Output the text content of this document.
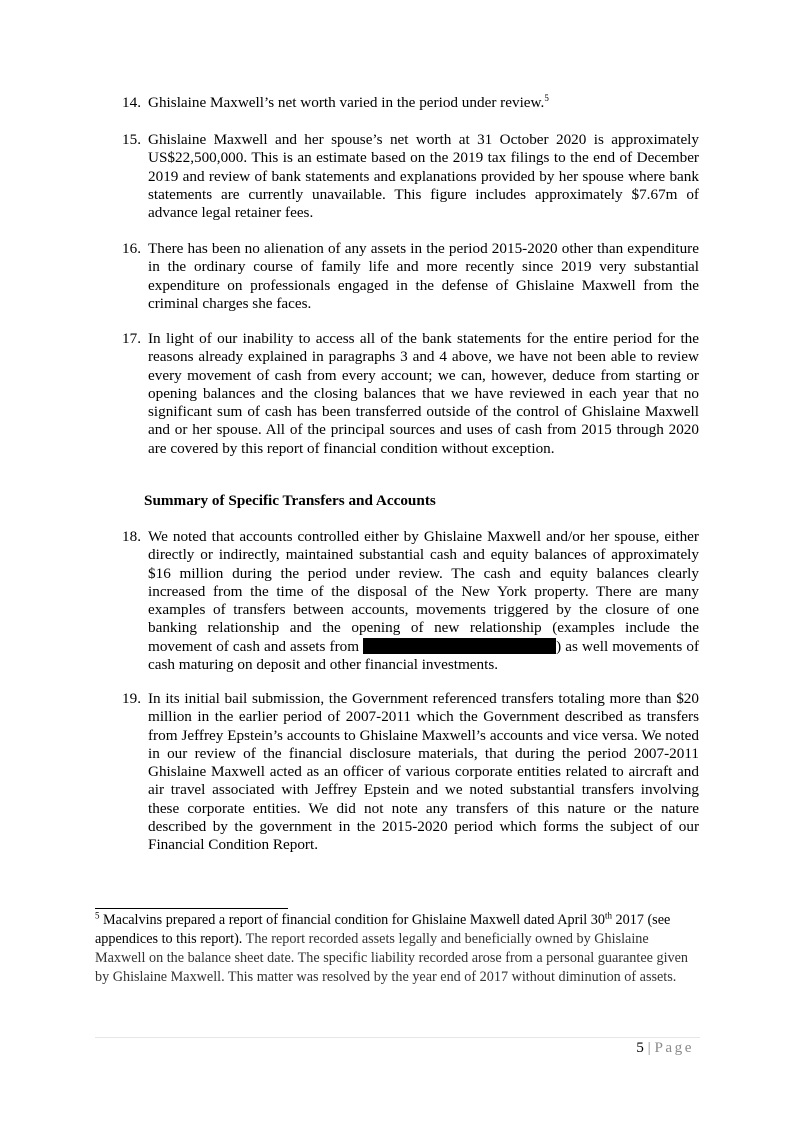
14. Ghislaine Maxwell’s net worth varied in the period under review.$^5$

15. Ghislaine Maxwell and her spouse’s net worth at 31 October 2020 is approximately US$22,500,000. This is an estimate based on the 2019 tax filings to the end of December 2019 and review of bank statements and explanations provided by her spouse where bank statements are currently unavailable. This figure includes approximately $7.67m of advance legal retainer fees.

16. There has been no alienation of any assets in the period 2015-2020 other than expenditure in the ordinary course of family life and more recently since 2019 very substantial expenditure on professionals engaged in the defense of Ghislaine Maxwell from the criminal charges she faces.

17. In light of our inability to access all of the bank statements for the entire period for the reasons already explained in paragraphs 3 and 4 above, we have not been able to review every movement of cash from every account; we can, however, deduce from starting or opening balances and the closing balances that we have reviewed in each year that no significant sum of cash has been transferred outside of the control of Ghislaine Maxwell and or her spouse. All of the principal sources and uses of cash from 2015 through 2020 are covered by this report of financial condition without exception.

Summary of Specific Transfers and Accounts

18. We noted that accounts controlled either by Ghislaine Maxwell and/or her spouse, either directly or indirectly, maintained substantial cash and equity balances of approximately $16 million during the period under review. The cash and equity balances clearly increased from the time of the disposal of the New York property. There are many examples of transfers between accounts, movements triggered by the closure of one banking relationship and the opening of new relationship (examples include the movement of cash and assets from	) as well movements of cash maturing on deposit and other financial investments.

19. In its initial bail submission, the Government referenced transfers totaling more than $20 million in the earlier period of 2007-2011 which the Government described as transfers from Jeffrey Epstein’s accounts to Ghislaine Maxwell’s accounts and vice versa. We noted in our review of the financial disclosure materials, that during the period 2007-2011 Ghislaine Maxwell acted as an officer of various corporate entities related to aircraft and air travel associated with Jeffrey Epstein and we noted substantial transfers involving these corporate entities. We did not note any transfers of this nature or the nature described by the government in the 2015-2020 period which forms the subject of our Financial Condition Report.

$^5$ Macalvins prepared a report of financial condition for Ghislaine Maxwell dated April 30th 2017 (see appendices to this report). The report recorded assets legally and beneficially owned by Ghislaine Maxwell on the balance sheet date. The specific liability recorded arose from a personal guarantee given by Ghislaine Maxwell. This matter was resolved by the year end of 2017 without diminution of assets.

5 | Page
